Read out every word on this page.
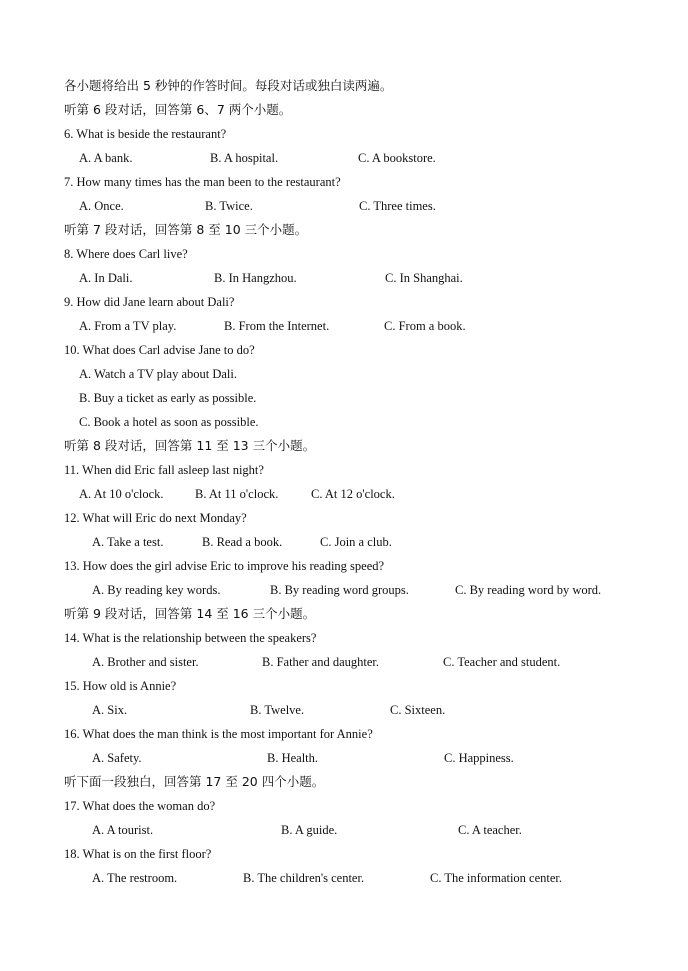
各小题将给出 5 秒钟的作答时间。每段对话或独白读两遍。
听第 6 段对话，回答第 6、7 两个小题。
6. What is beside the restaurant?
A. A bank.	B. A hospital.	C. A bookstore.
7. How many times has the man been to the restaurant?
A. Once.	B. Twice.	C. Three times.
听第 7 段对话，回答第 8 至 10 三个小题。
8. Where does Carl live?
A. In Dali.	B. In Hangzhou.	C. In Shanghai.
9. How did Jane learn about Dali?
A. From a TV play.	B. From the Internet.	C. From a book.
10. What does Carl advise Jane to do?
A. Watch a TV play about Dali.
B. Buy a ticket as early as possible.
C. Book a hotel as soon as possible.
听第 8 段对话，回答第 11 至 13 三个小题。
11. When did Eric fall asleep last night?
A. At 10 o'clock.	B. At 11 o'clock.	C. At 12 o'clock.
12. What will Eric do next Monday?
A. Take a test.	B. Read a book.	C. Join a club.
13. How does the girl advise Eric to improve his reading speed?
A. By reading key words.	B. By reading word groups.	C. By reading word by word.
听第 9 段对话，回答第 14 至 16 三个小题。
14. What is the relationship between the speakers?
A. Brother and sister.	B. Father and daughter.	C. Teacher and student.
15. How old is Annie?
A. Six.	B. Twelve.	C. Sixteen.
16. What does the man think is the most important for Annie?
A. Safety.	B. Health.	C. Happiness.
听下面一段独白，回答第 17 至 20 四个小题。
17. What does the woman do?
A. A tourist.	B. A guide.	C. A teacher.
18. What is on the first floor?
A. The restroom.	B. The children's center.	C. The information center.
